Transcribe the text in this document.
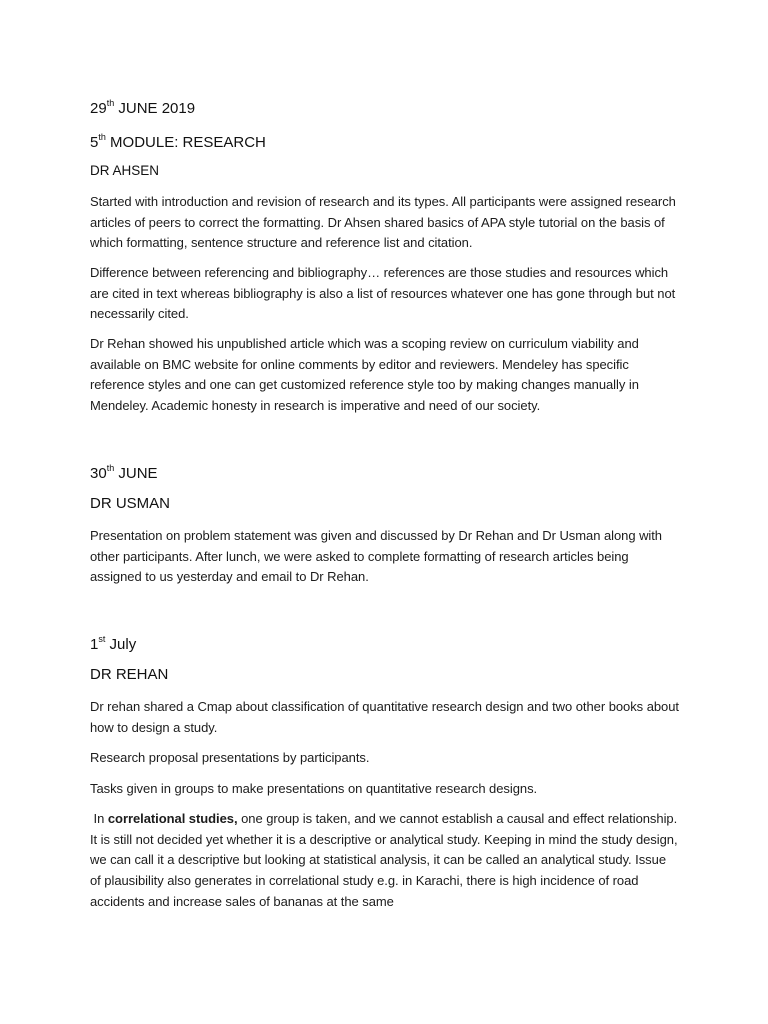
29th JUNE 2019
5th MODULE: RESEARCH
DR AHSEN

Started with introduction and revision of research and its types. All participants were assigned research articles of peers to correct the formatting. Dr Ahsen shared basics of APA style tutorial on the basis of which formatting, sentence structure and reference list and citation.

Difference between referencing and bibliography… references are those studies and resources which are cited in text whereas bibliography is also a list of resources whatever one has gone through but not necessarily cited.

Dr Rehan showed his unpublished article which was a scoping review on curriculum viability and available on BMC website for online comments by editor and reviewers. Mendeley has specific reference styles and one can get customized reference style too by making changes manually in Mendeley. Academic honesty in research is imperative and need of our society.

30th JUNE
DR USMAN

Presentation on problem statement was given and discussed by Dr Rehan and Dr Usman along with other participants. After lunch, we were asked to complete formatting of research articles being assigned to us yesterday and email to Dr Rehan.

1st July
DR REHAN

Dr rehan shared a Cmap about classification of quantitative research design and two other books about how to design a study.

Research proposal presentations by participants.

Tasks given in groups to make presentations on quantitative research designs.

In correlational studies, one group is taken, and we cannot establish a causal and effect relationship. It is still not decided yet whether it is a descriptive or analytical study. Keeping in mind the study design, we can call it a descriptive but looking at statistical analysis, it can be called an analytical study. Issue of plausibility also generates in correlational study e.g. in Karachi, there is high incidence of road accidents and increase sales of bananas at the same
